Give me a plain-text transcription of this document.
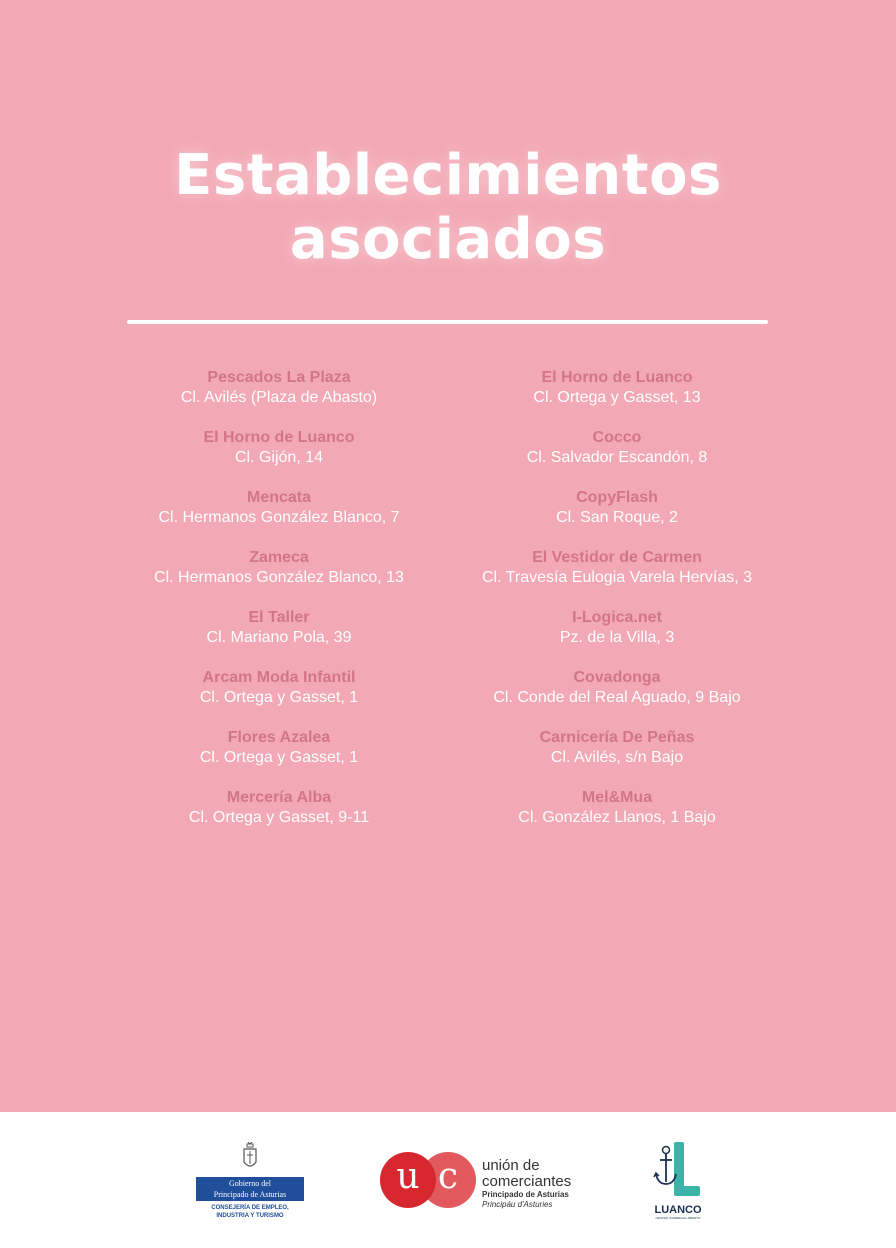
Establecimientos
asociados
Pescados La Plaza
Cl. Avilés (Plaza de Abasto)
El Horno de Luanco
Cl. Gijón, 14
Mencata
Cl. Hermanos González Blanco, 7
Zameca
Cl. Hermanos González Blanco, 13
El Taller
Cl. Mariano Pola, 39
Arcam Moda Infantil
Cl. Ortega y Gasset, 1
Flores Azalea
Cl. Ortega y Gasset, 1
Mercería Alba
Cl. Ortega y Gasset, 9-11
El Horno de Luanco
Cl. Ortega y Gasset, 13
Cocco
Cl. Salvador Escandón, 8
CopyFlash
Cl. San Roque, 2
El Vestidor de Carmen
Cl. Travesía Eulogia Varela Hervías, 3
I-Logica.net
Pz. de la Villa, 3
Covadonga
Cl. Conde del Real Aguado, 9 Bajo
Carnicería De Peñas
Cl. Avilés, s/n Bajo
Mel&Mua
Cl. González Llanos, 1 Bajo
Gobierno del
Principado de Asturias
CONSEJERÍA DE EMPLEO,
INDUSTRIA Y TURISMO
c
u	unión de
comerciantes
Principado de Asturias
Principáu d'Asturies	LUANCO
CENTRO COMERCIAL ABIERTO
